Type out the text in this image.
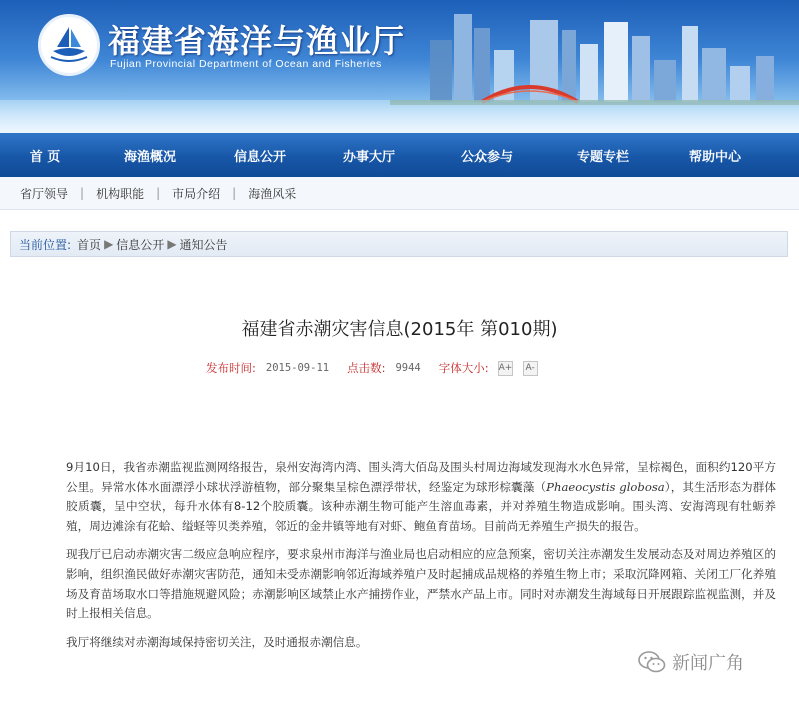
福建省海洋与渔业厅
Fujian Provincial Department of Ocean and Fisheries
首 页	海渔概况	信息公开	办事大厅	公众参与	专题专栏	帮助中心
省厅领导 | 机构职能 | 市局介绍 | 海渔风采
当前位置: 首页 ▶ 信息公开 ▶ 通知公告
福建省赤潮灾害信息(2015年 第010期)
发布时间: 2015-09-11 点击数: 9944 字体大小: A+	A-

9月10日，我省赤潮监视监测网络报告，泉州安海湾内湾、围头湾大佰岛及围头村周边海域发现海水水色异常，呈棕褐色，面积约120平方公里。异常水体水面漂浮小球状浮游植物，部分聚集呈棕色漂浮带状，经鉴定为球形棕囊藻（Phaeocystis globosa），其生活形态为群体胶质囊，呈中空状，每升水体有8-12个胶质囊。该种赤潮生物可能产生溶血毒素，并对养殖生物造成影响。围头湾、安海湾现有牡蛎养殖，周边滩涂有花蛤、缢蛏等贝类养殖，邻近的金井镇等地有对虾、鲍鱼育苗场。目前尚无养殖生产损失的报告。

现我厅已启动赤潮灾害二级应急响应程序，要求泉州市海洋与渔业局也启动相应的应急预案，密切关注赤潮发生发展动态及对周边养殖区的影响，组织渔民做好赤潮灾害防范，通知未受赤潮影响邻近海域养殖户及时起捕成品规格的养殖生物上市；采取沉降网箱、关闭工厂化养殖场及育苗场取水口等措施规避风险；赤潮影响区域禁止水产捕捞作业，严禁水产品上市。同时对赤潮发生海域每日开展跟踪监视监测，并及时上报相关信息。

我厅将继续对赤潮海域保持密切关注，及时通报赤潮信息。

新闻广角
